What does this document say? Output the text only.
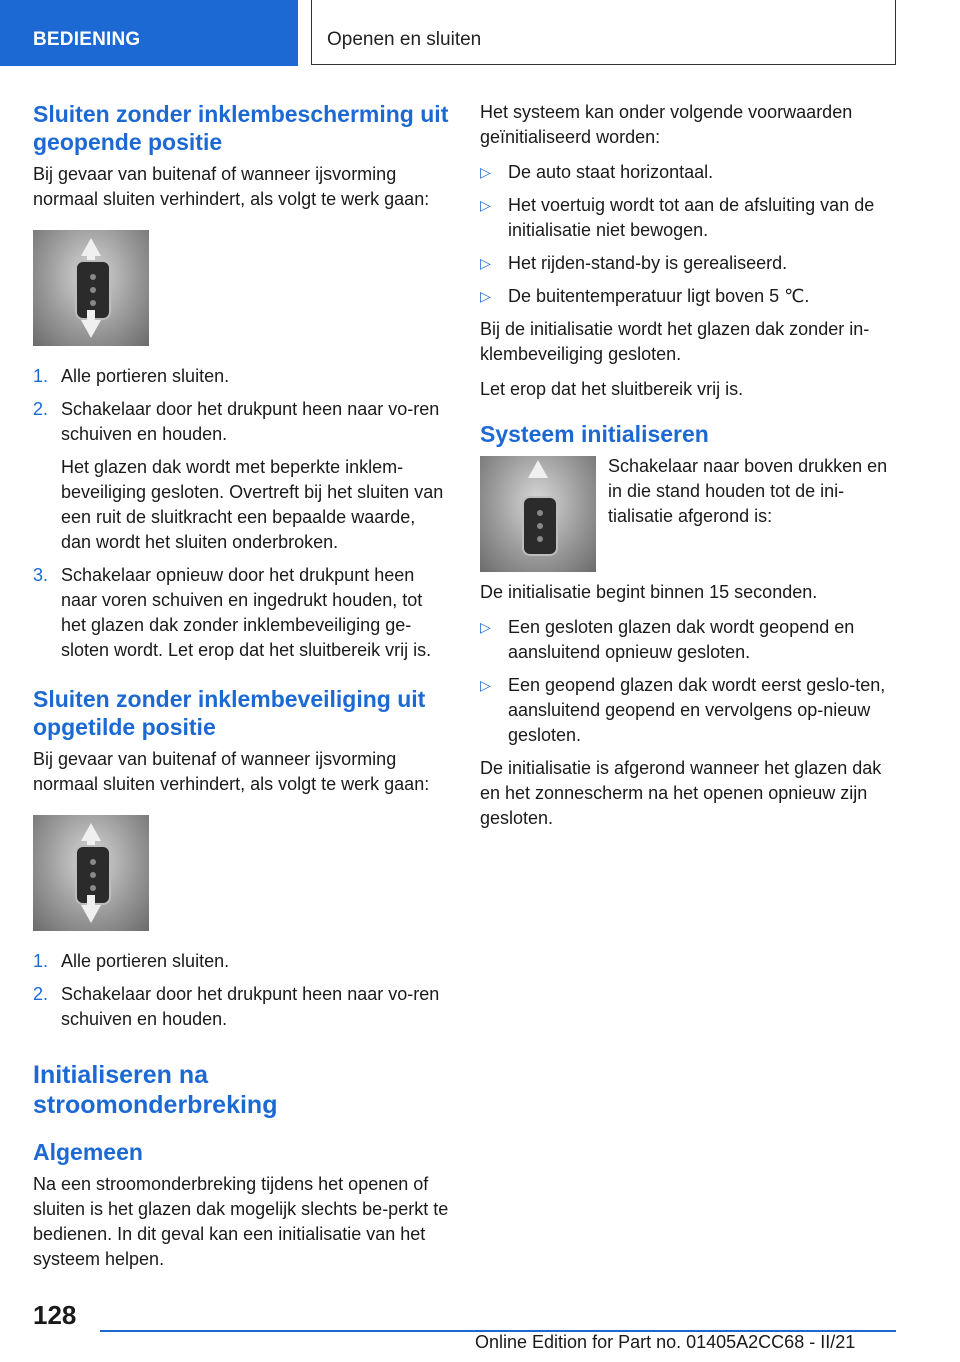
BEDIENING	Openen en sluiten
Sluiten zonder inklembescherming uit geopende positie

Bij gevaar van buitenaf of wanneer ijsvorming normaal sluiten verhindert, als volgt te werk gaan:

1. Alle portieren sluiten.
2. Schakelaar door het drukpunt heen naar vo-ren schuiven en houden.
Het glazen dak wordt met beperkte inklem-beveiliging gesloten. Overtreft bij het sluiten van een ruit de sluitkracht een bepaalde waarde, dan wordt het sluiten onderbroken.
3. Schakelaar opnieuw door het drukpunt heen naar voren schuiven en ingedrukt houden, tot het glazen dak zonder inklembeveiliging ge-sloten wordt. Let erop dat het sluitbereik vrij is.
Sluiten zonder inklembeveiliging uit opgetilde positie

Bij gevaar van buitenaf of wanneer ijsvorming normaal sluiten verhindert, als volgt te werk gaan:

1. Alle portieren sluiten.
2. Schakelaar door het drukpunt heen naar vo-ren schuiven en houden.
Initialiseren na stroomonderbreking
Algemeen

Na een stroomonderbreking tijdens het openen of sluiten is het glazen dak mogelijk slechts be-perkt te bedienen. In dit geval kan een initialisatie van het systeem helpen.

Het systeem kan onder volgende voorwaarden geïnitialiseerd worden:

▷ De auto staat horizontaal.
▷ Het voertuig wordt tot aan de afsluiting van de initialisatie niet bewogen.
▷ Het rijden-stand-by is gerealiseerd.
▷ De buitentemperatuur ligt boven 5 ℃.

Bij de initialisatie wordt het glazen dak zonder in-klembeveiliging gesloten.

Let erop dat het sluitbereik vrij is.

Systeem initialiseren

Schakelaar naar boven drukken en in die stand houden tot de ini-tialisatie afgerond is:

De initialisatie begint binnen 15 seconden.

▷ Een gesloten glazen dak wordt geopend en aansluitend opnieuw gesloten.
▷ Een geopend glazen dak wordt eerst geslo-ten, aansluitend geopend en vervolgens op-nieuw gesloten.

De initialisatie is afgerond wanneer het glazen dak en het zonnescherm na het openen opnieuw zijn gesloten.

128
Online Edition for Part no. 01405A2CC68 - II/21
